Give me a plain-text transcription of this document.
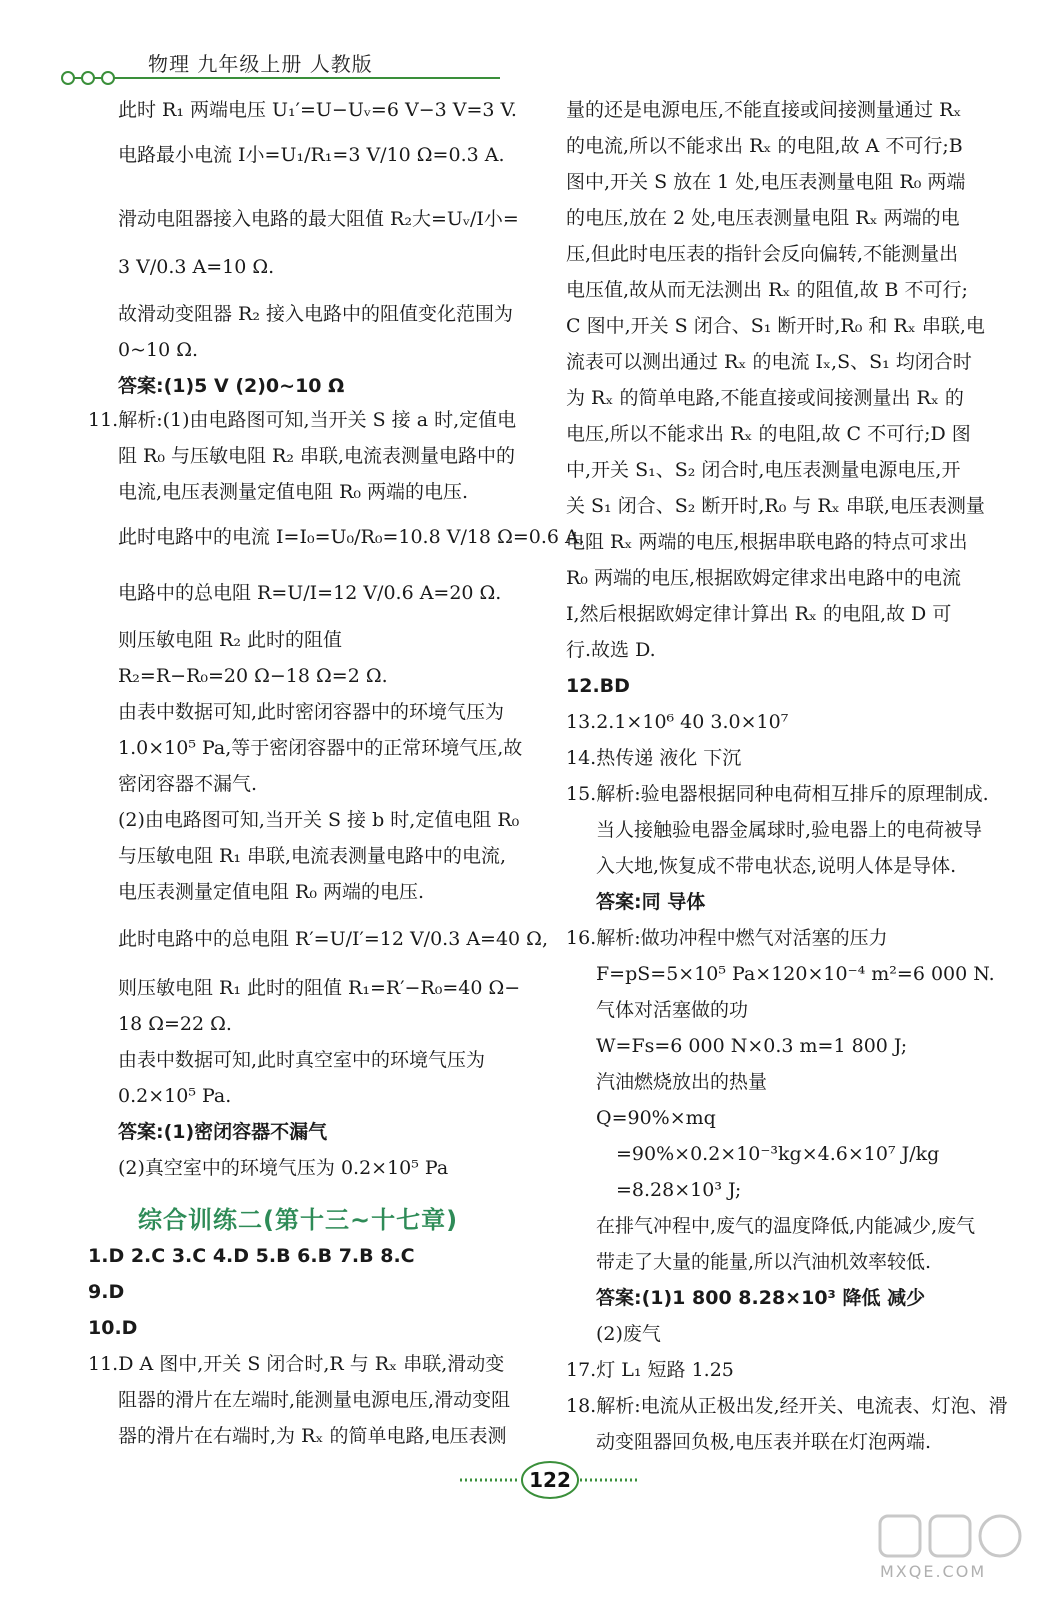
物理 九年级上册 人教版
此时 R₁ 两端电压 U₁′=U−Uᵥ=6 V−3 V=3 V.
电路最小电流 I小=U₁/R₁=3 V/10 Ω=0.3 A.
滑动电阻器接入电路的最大阻值 R₂大=Uᵥ/I小=
3 V/0.3 A=10 Ω.
故滑动变阻器 R₂ 接入电路中的阻值变化范围为
0~10 Ω.
答案:(1)5 V (2)0~10 Ω
11.解析:(1)由电路图可知,当开关 S 接 a 时,定值电
阻 R₀ 与压敏电阻 R₂ 串联,电流表测量电路中的
电流,电压表测量定值电阻 R₀ 两端的电压.
此时电路中的电流 I=I₀=U₀/R₀=10.8 V/18 Ω=0.6 A.
电路中的总电阻 R=U/I=12 V/0.6 A=20 Ω.
则压敏电阻 R₂ 此时的阻值
R₂=R−R₀=20 Ω−18 Ω=2 Ω.
由表中数据可知,此时密闭容器中的环境气压为
1.0×10⁵ Pa,等于密闭容器中的正常环境气压,故
密闭容器不漏气.
(2)由电路图可知,当开关 S 接 b 时,定值电阻 R₀
与压敏电阻 R₁ 串联,电流表测量电路中的电流,
电压表测量定值电阻 R₀ 两端的电压.
此时电路中的总电阻 R′=U/I′=12 V/0.3 A=40 Ω,
则压敏电阻 R₁ 此时的阻值 R₁=R′−R₀=40 Ω−
18 Ω=22 Ω.
由表中数据可知,此时真空室中的环境气压为
0.2×10⁵ Pa.
答案:(1)密闭容器不漏气
(2)真空室中的环境气压为 0.2×10⁵ Pa
1.D 2.C 3.C 4.D 5.B 6.B 7.B 8.C
9.D
10.D
11.D A 图中,开关 S 闭合时,R 与 Rₓ 串联,滑动变
阻器的滑片在左端时,能测量电源电压,滑动变阻
器的滑片在右端时,为 Rₓ 的简单电路,电压表测
综合训练二(第十三~十七章)
量的还是电源电压,不能直接或间接测量通过 Rₓ
的电流,所以不能求出 Rₓ 的电阻,故 A 不可行;B
图中,开关 S 放在 1 处,电压表测量电阻 R₀ 两端
的电压,放在 2 处,电压表测量电阻 Rₓ 两端的电
压,但此时电压表的指针会反向偏转,不能测量出
电压值,故从而无法测出 Rₓ 的阻值,故 B 不可行;
C 图中,开关 S 闭合、S₁ 断开时,R₀ 和 Rₓ 串联,电
流表可以测出通过 Rₓ 的电流 Iₓ,S、S₁ 均闭合时
为 Rₓ 的简单电路,不能直接或间接测量出 Rₓ 的
电压,所以不能求出 Rₓ 的电阻,故 C 不可行;D 图
中,开关 S₁、S₂ 闭合时,电压表测量电源电压,开
关 S₁ 闭合、S₂ 断开时,R₀ 与 Rₓ 串联,电压表测量
电阻 Rₓ 两端的电压,根据串联电路的特点可求出
R₀ 两端的电压,根据欧姆定律求出电路中的电流
I,然后根据欧姆定律计算出 Rₓ 的电阻,故 D 可
行.故选 D.
12.BD
13.2.1×10⁶ 40 3.0×10⁷
14.热传递 液化 下沉
15.解析:验电器根据同种电荷相互排斥的原理制成.
当人接触验电器金属球时,验电器上的电荷被导
入大地,恢复成不带电状态,说明人体是导体.
答案:同 导体
16.解析:做功冲程中燃气对活塞的压力
F=pS=5×10⁵ Pa×120×10⁻⁴ m²=6 000 N.
气体对活塞做的功
W=Fs=6 000 N×0.3 m=1 800 J;
汽油燃烧放出的热量
Q=90%×mq
=90%×0.2×10⁻³kg×4.6×10⁷ J/kg
=8.28×10³ J;
在排气冲程中,废气的温度降低,内能减少,废气
带走了大量的能量,所以汽油机效率较低.
答案:(1)1 800 8.28×10³ 降低 减少
(2)废气
17.灯 L₁ 短路 1.25
18.解析:电流从正极出发,经开关、电流表、灯泡、滑
动变阻器回负极,电压表并联在灯泡两端.
122
MXQE.COM
